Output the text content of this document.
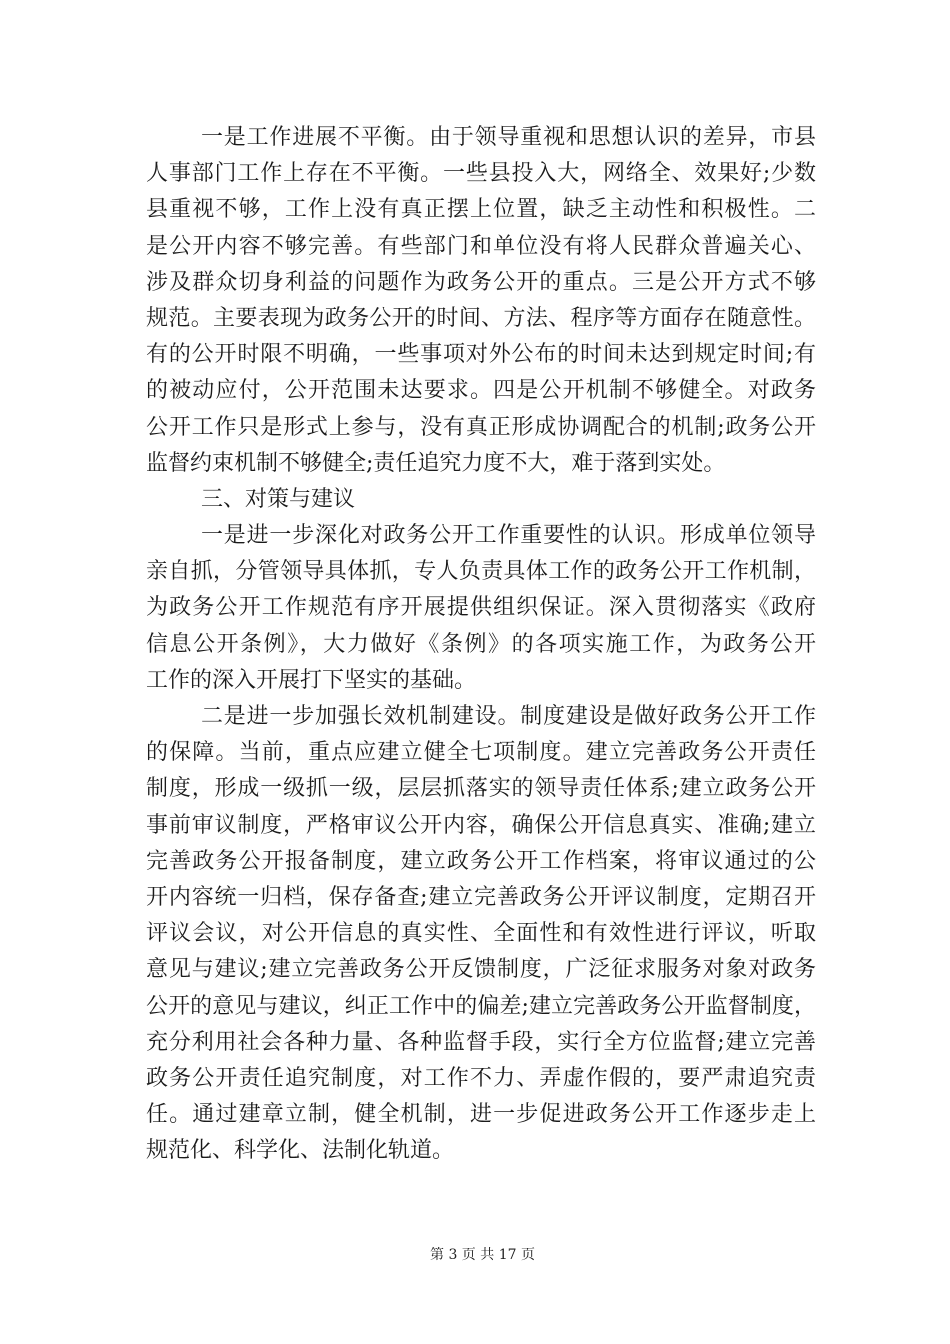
一是工作进展不平衡。由于领导重视和思想认识的差异，市县
人事部门工作上存在不平衡。一些县投入大，网络全、效果好;少数
县重视不够，工作上没有真正摆上位置，缺乏主动性和积极性。二
是公开内容不够完善。有些部门和单位没有将人民群众普遍关心、
涉及群众切身利益的问题作为政务公开的重点。三是公开方式不够
规范。主要表现为政务公开的时间、方法、程序等方面存在随意性。
有的公开时限不明确，一些事项对外公布的时间未达到规定时间;有
的被动应付，公开范围未达要求。四是公开机制不够健全。对政务
公开工作只是形式上参与，没有真正形成协调配合的机制;政务公开
监督约束机制不够健全;责任追究力度不大，难于落到实处。
三、对策与建议
一是进一步深化对政务公开工作重要性的认识。形成单位领导
亲自抓，分管领导具体抓，专人负责具体工作的政务公开工作机制，
为政务公开工作规范有序开展提供组织保证。深入贯彻落实《政府
信息公开条例》，大力做好《条例》的各项实施工作，为政务公开
工作的深入开展打下坚实的基础。
二是进一步加强长效机制建设。制度建设是做好政务公开工作
的保障。当前，重点应建立健全七项制度。建立完善政务公开责任
制度，形成一级抓一级，层层抓落实的领导责任体系;建立政务公开
事前审议制度，严格审议公开内容，确保公开信息真实、准确;建立
完善政务公开报备制度，建立政务公开工作档案，将审议通过的公
开内容统一归档，保存备查;建立完善政务公开评议制度，定期召开
评议会议，对公开信息的真实性、全面性和有效性进行评议，听取
意见与建议;建立完善政务公开反馈制度，广泛征求服务对象对政务
公开的意见与建议，纠正工作中的偏差;建立完善政务公开监督制度，
充分利用社会各种力量、各种监督手段，实行全方位监督;建立完善
政务公开责任追究制度，对工作不力、弄虚作假的，要严肃追究责
任。通过建章立制，健全机制，进一步促进政务公开工作逐步走上
规范化、科学化、法制化轨道。
第 3 页 共 17 页
